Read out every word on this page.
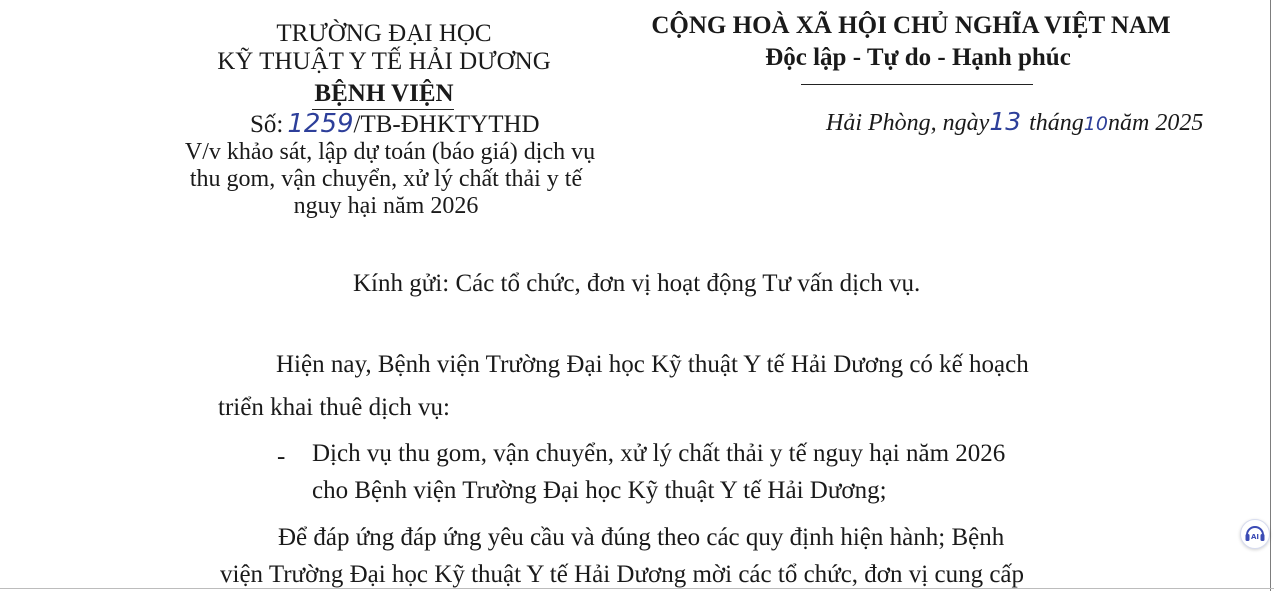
TRƯỜNG ĐẠI HỌC
KỸ THUẬT Y TẾ HẢI DƯƠNG
BỆNH VIỆN
Số: 1259/TB-ĐHKTYTHD
V/v khảo sát, lập dự toán (báo giá) dịch vụ
thu gom, vận chuyển, xử lý chất thải y tế
nguy hại năm 2026
CỘNG HOÀ XÃ HỘI CHỦ NGHĨA VIỆT NAM
Độc lập - Tự do - Hạnh phúc
Hải Phòng, ngày13 tháng10năm 2025
Kính gửi: Các tổ chức, đơn vị hoạt động Tư vấn dịch vụ.
Hiện nay, Bệnh viện Trường Đại học Kỹ thuật Y tế Hải Dương có kế hoạch
triển khai thuê dịch vụ:
- Dịch vụ thu gom, vận chuyển, xử lý chất thải y tế nguy hại năm 2026
cho Bệnh viện Trường Đại học Kỹ thuật Y tế Hải Dương;
Để đáp ứng đáp ứng yêu cầu và đúng theo các quy định hiện hành; Bệnh
viện Trường Đại học Kỹ thuật Y tế Hải Dương mời các tổ chức, đơn vị cung cấp
AI
